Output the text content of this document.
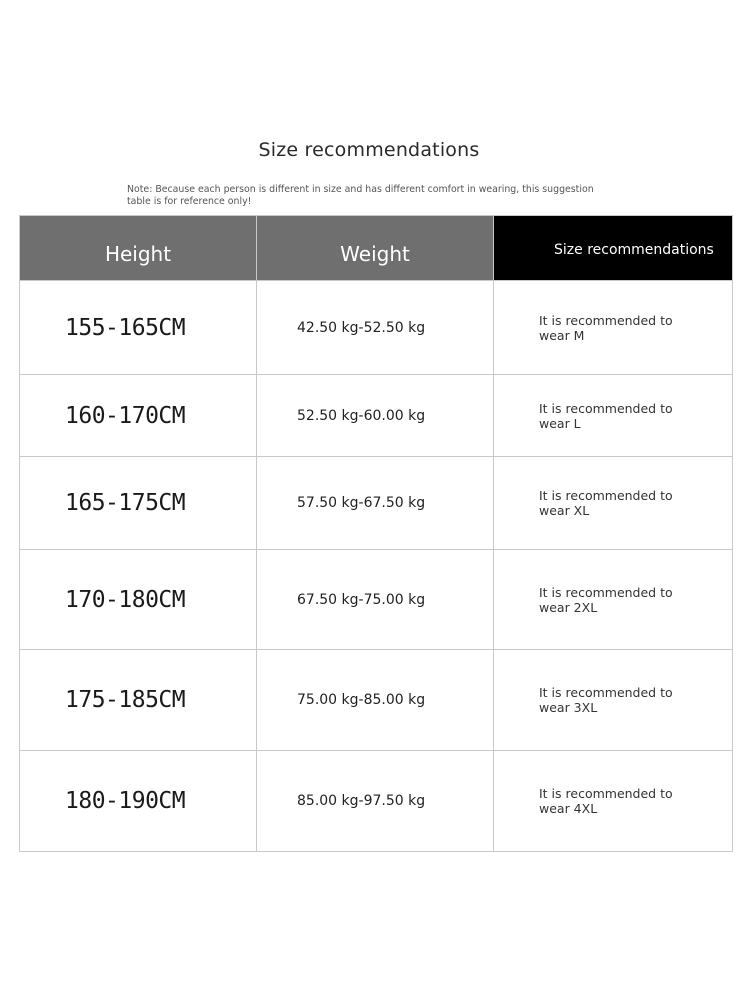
Size recommendations
Note: Because each person is different in size and has different comfort in wearing, this suggestion table is for reference only!
Height	Weight	Size recommendations

155-165CM	42.50 kg-52.50 kg	It is recommended to wear M

160-170CM	52.50 kg-60.00 kg	It is recommended to wear L

165-175CM	57.50 kg-67.50 kg	It is recommended to wear XL

170-180CM	67.50 kg-75.00 kg	It is recommended to wear 2XL

175-185CM	75.00 kg-85.00 kg	It is recommended to wear 3XL

180-190CM	85.00 kg-97.50 kg	It is recommended to wear 4XL
